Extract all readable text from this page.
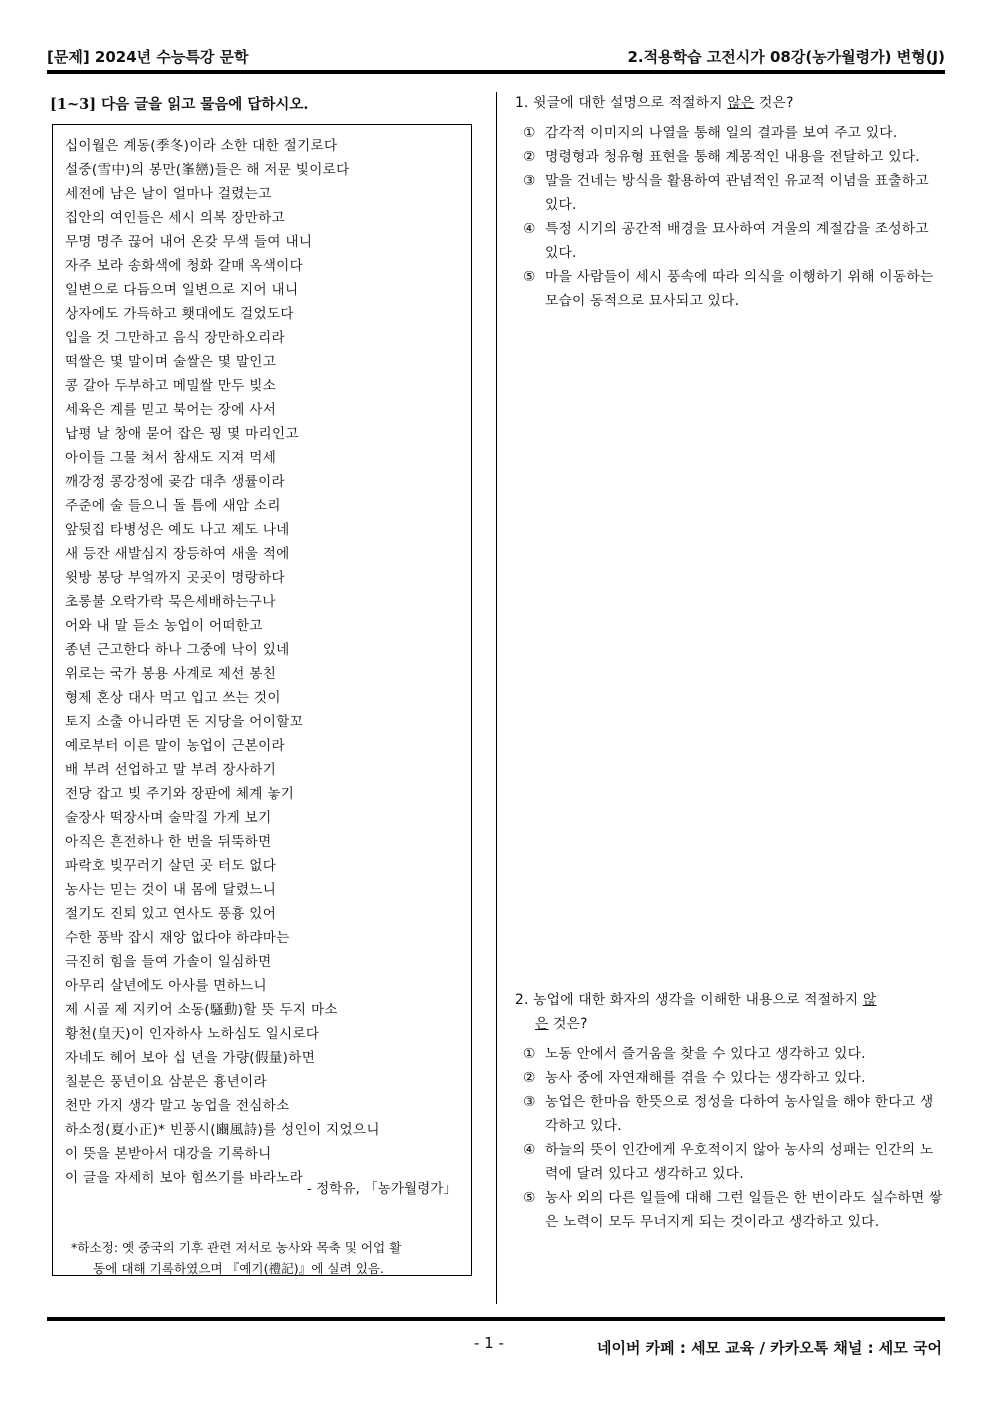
[문제] 2024년 수능특강 문학	2.적용학습 고전시가 08강(농가월령가) 변형(J)
[1~3] 다음 글을 읽고 물음에 답하시오.
십이월은 계동(季冬)이라 소한 대한 절기로다
설중(雪中)의 봉만(峯巒)들은 해 저문 빛이로다
세전에 남은 날이 얼마나 걸렸는고
집안의 여인들은 세시 의복 장만하고
무명 명주 끊어 내어 온갖 무색 들여 내니
자주 보라 송화색에 청화 갈매 옥색이다
일변으로 다듬으며 일변으로 지어 내니
상자에도 가득하고 횃대에도 걸었도다
입을 것 그만하고 음식 장만하오리라
떡쌀은 몇 말이며 술쌀은 몇 말인고
콩 갈아 두부하고 메밀쌀 만두 빚소
세육은 계를 믿고 북어는 장에 사서
납평 날 창애 묻어 잡은 꿩 몇 마리인고
아이들 그물 쳐서 참새도 지져 먹세
깨강정 콩강정에 곶감 대추 생률이라
주준에 술 들으니 돌 틈에 새암 소리
앞뒷집 타병성은 예도 나고 제도 나네
새 등잔 새발심지 장등하여 새울 적에
윗방 봉당 부엌까지 곳곳이 명랑하다
초롱불 오락가락 묵은세배하는구나
어와 내 말 듣소 농업이 어떠한고
종년 근고한다 하나 그중에 낙이 있네
위로는 국가 봉용 사계로 제선 봉친
형제 혼상 대사 먹고 입고 쓰는 것이
토지 소출 아니라면 돈 지당을 어이할꼬
예로부터 이른 말이 농업이 근본이라
배 부려 선업하고 말 부려 장사하기
전당 잡고 빚 주기와 장판에 체계 놓기
술장사 떡장사며 술막질 가게 보기
아직은 흔전하나 한 번을 뒤뚝하면
파락호 빚꾸러기 살던 곳 터도 없다
농사는 믿는 것이 내 몸에 달렸느니
절기도 진퇴 있고 연사도 풍흉 있어
수한 풍박 잡시 재앙 없다야 하랴마는
극진히 힘을 들여 가솔이 일심하면
아무리 살년에도 아사를 면하느니
제 시골 제 지키어 소동(騷動)할 뜻 두지 마소
황천(皇天)이 인자하사 노하심도 일시로다
자네도 헤어 보아 십 년을 가량(假量)하면
칠분은 풍년이요 삼분은 흉년이라
천만 가지 생각 말고 농업을 전심하소
하소정(夏小正)* 빈풍시(豳風詩)를 성인이 지었으니
이 뜻을 본받아서 대강을 기록하니
이 글을 자세히 보아 힘쓰기를 바라노라
- 정학유, 「농가월령가」
*하소정: 옛 중국의 기후 관련 저서로 농사와 목축 및 어업 활
동에 대해 기록하였으며 『예기(禮記)』에 실려 있음.

1. 윗글에 대한 설명으로 적절하지 않은 것은?

① 감각적 이미지의 나열을 통해 일의 결과를 보여 주고 있다.

② 명령형과 청유형 표현을 통해 계몽적인 내용을 전달하고 있다.

③ 말을 건네는 방식을 활용하여 관념적인 유교적 이념을 표출하고 있다.

④ 특정 시기의 공간적 배경을 묘사하여 겨울의 계절감을 조성하고 있다.

⑤ 마을 사람들이 세시 풍속에 따라 의식을 이행하기 위해 이동하는 모습이 동적으로 묘사되고 있다.

2. 농업에 대한 화자의 생각을 이해한 내용으로 적절하지 않
은 것은?

① 노동 안에서 즐거움을 찾을 수 있다고 생각하고 있다.

② 농사 중에 자연재해를 겪을 수 있다는 생각하고 있다.

③ 농업은 한마음 한뜻으로 정성을 다하여 농사일을 해야 한다고 생각하고 있다.

④ 하늘의 뜻이 인간에게 우호적이지 않아 농사의 성패는 인간의 노력에 달려 있다고 생각하고 있다.

⑤ 농사 외의 다른 일들에 대해 그런 일들은 한 번이라도 실수하면 쌓은 노력이 모두 무너지게 되는 것이라고 생각하고 있다.

- 1 -	네이버 카페 : 세모 교육 / 카카오톡 채널 : 세모 국어
